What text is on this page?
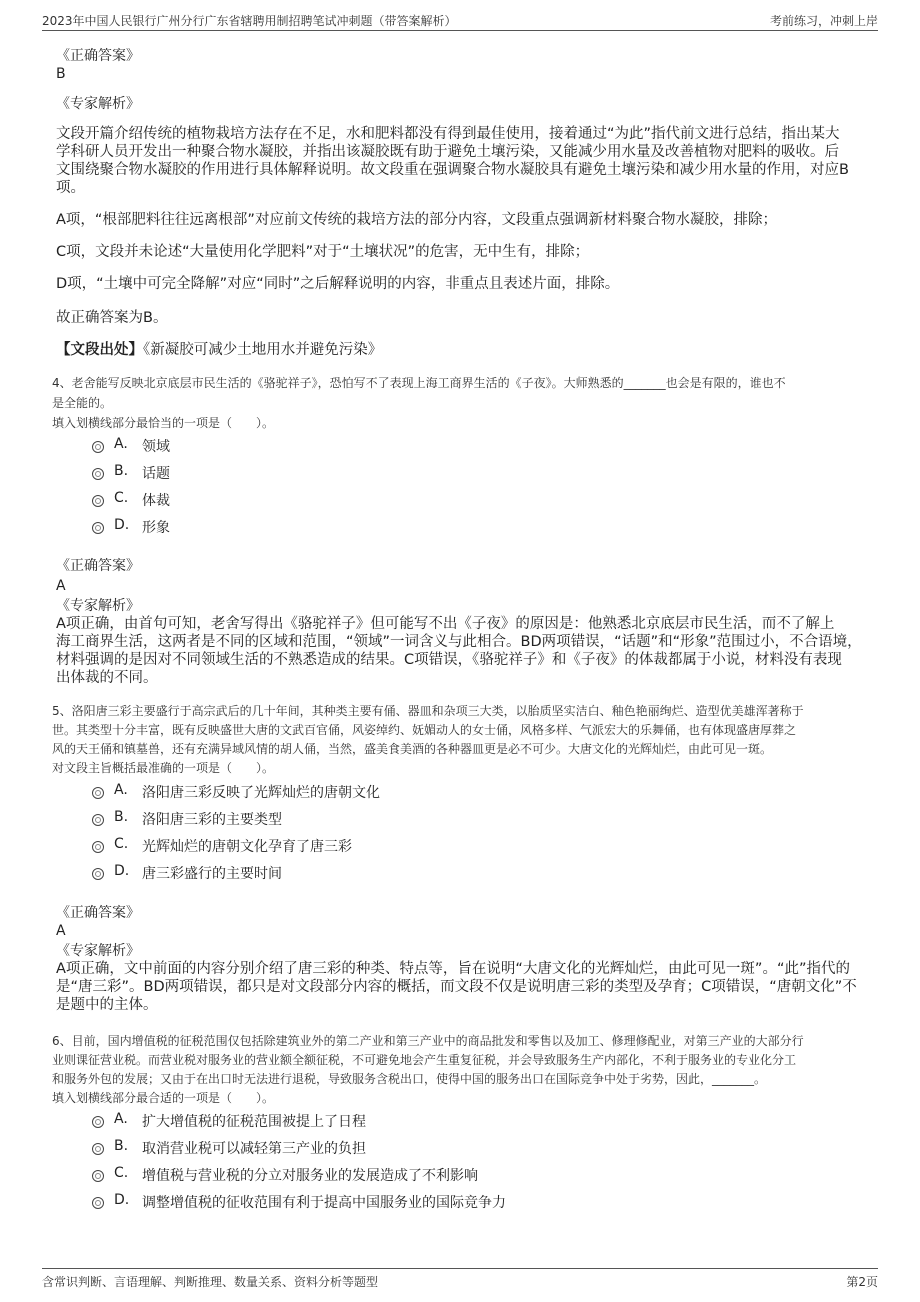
2023年中国人民银行广州分行广东省辖聘用制招聘笔试冲刺题（带答案解析）	考前练习，冲刺上岸
《正确答案》
B
《专家解析》
文段开篇介绍传统的植物栽培方法存在不足，水和肥料都没有得到最佳使用，接着通过“为此”指代前文进行总结，指出某大
学科研人员开发出一种聚合物水凝胶，并指出该凝胶既有助于避免土壤污染，又能减少用水量及改善植物对肥料的吸收。后
文围绕聚合物水凝胶的作用进行具体解释说明。故文段重在强调聚合物水凝胶具有避免土壤污染和减少用水量的作用，对应B
项。
A项，“根部肥料往往远离根部”对应前文传统的栽培方法的部分内容，文段重点强调新材料聚合物水凝胶，排除；
C项，文段并未论述“大量使用化学肥料”对于“土壤状况”的危害，无中生有，排除；
D项，“土壤中可完全降解”对应“同时”之后解释说明的内容，非重点且表述片面，排除。
故正确答案为B。
【文段出处】《新凝胶可减少土地用水并避免污染》
4、老舍能写反映北京底层市民生活的《骆驼祥子》，恐怕写不了表现上海工商界生活的《子夜》。大师熟悉的_______也会是有限的，谁也不
是全能的。
填入划横线部分最恰当的一项是（　　）。
A.	领域
B. 话题
C. 体裁
D. 形象
《正确答案》
A
《专家解析》
A项正确，由首句可知，老舍写得出《骆驼祥子》但可能写不出《子夜》的原因是：他熟悉北京底层市民生活，而不了解上
海工商界生活，这两者是不同的区域和范围，“领域”一词含义与此相合。BD两项错误，“话题”和“形象”范围过小，不合语境，
材料强调的是因对不同领域生活的不熟悉造成的结果。C项错误，《骆驼祥子》和《子夜》的体裁都属于小说，材料没有表现
出体裁的不同。
5、洛阳唐三彩主要盛行于高宗武后的几十年间，其种类主要有俑、器皿和杂项三大类，以胎质坚实洁白、釉色艳丽绚烂、造型优美雄浑著称于
世。其类型十分丰富，既有反映盛世大唐的文武百官俑，风姿绰约、妩媚动人的女士俑，风格多样、气派宏大的乐舞俑，也有体现盛唐厚葬之
风的天王俑和镇墓兽，还有充满异域风情的胡人俑，当然，盛美食美酒的各种器皿更是必不可少。大唐文化的光辉灿烂，由此可见一斑。
对文段主旨概括最准确的一项是（　　）。
A.	洛阳唐三彩反映了光辉灿烂的唐朝文化
B. 洛阳唐三彩的主要类型
C. 光辉灿烂的唐朝文化孕育了唐三彩
D. 唐三彩盛行的主要时间
《正确答案》
A
《专家解析》
A项正确，文中前面的内容分别介绍了唐三彩的种类、特点等，旨在说明“大唐文化的光辉灿烂，由此可见一斑”。“此”指代的
是“唐三彩”。BD两项错误，都只是对文段部分内容的概括，而文段不仅是说明唐三彩的类型及孕育；C项错误，“唐朝文化”不
是题中的主体。
6、目前，国内增值税的征税范围仅包括除建筑业外的第二产业和第三产业中的商品批发和零售以及加工、修理修配业，对第三产业的大部分行
业则课征营业税。而营业税对服务业的营业额全额征税，不可避免地会产生重复征税，并会导致服务生产内部化，不利于服务业的专业化分工
和服务外包的发展；又由于在出口时无法进行退税，导致服务含税出口，使得中国的服务出口在国际竞争中处于劣势，因此，_______。
填入划横线部分最合适的一项是（　　）。
A.	扩大增值税的征税范围被提上了日程
B. 取消营业税可以减轻第三产业的负担
C. 增值税与营业税的分立对服务业的发展造成了不利影响
D. 调整增值税的征收范围有利于提高中国服务业的国际竞争力
含常识判断、言语理解、判断推理、数量关系、资料分析等题型	第2页
